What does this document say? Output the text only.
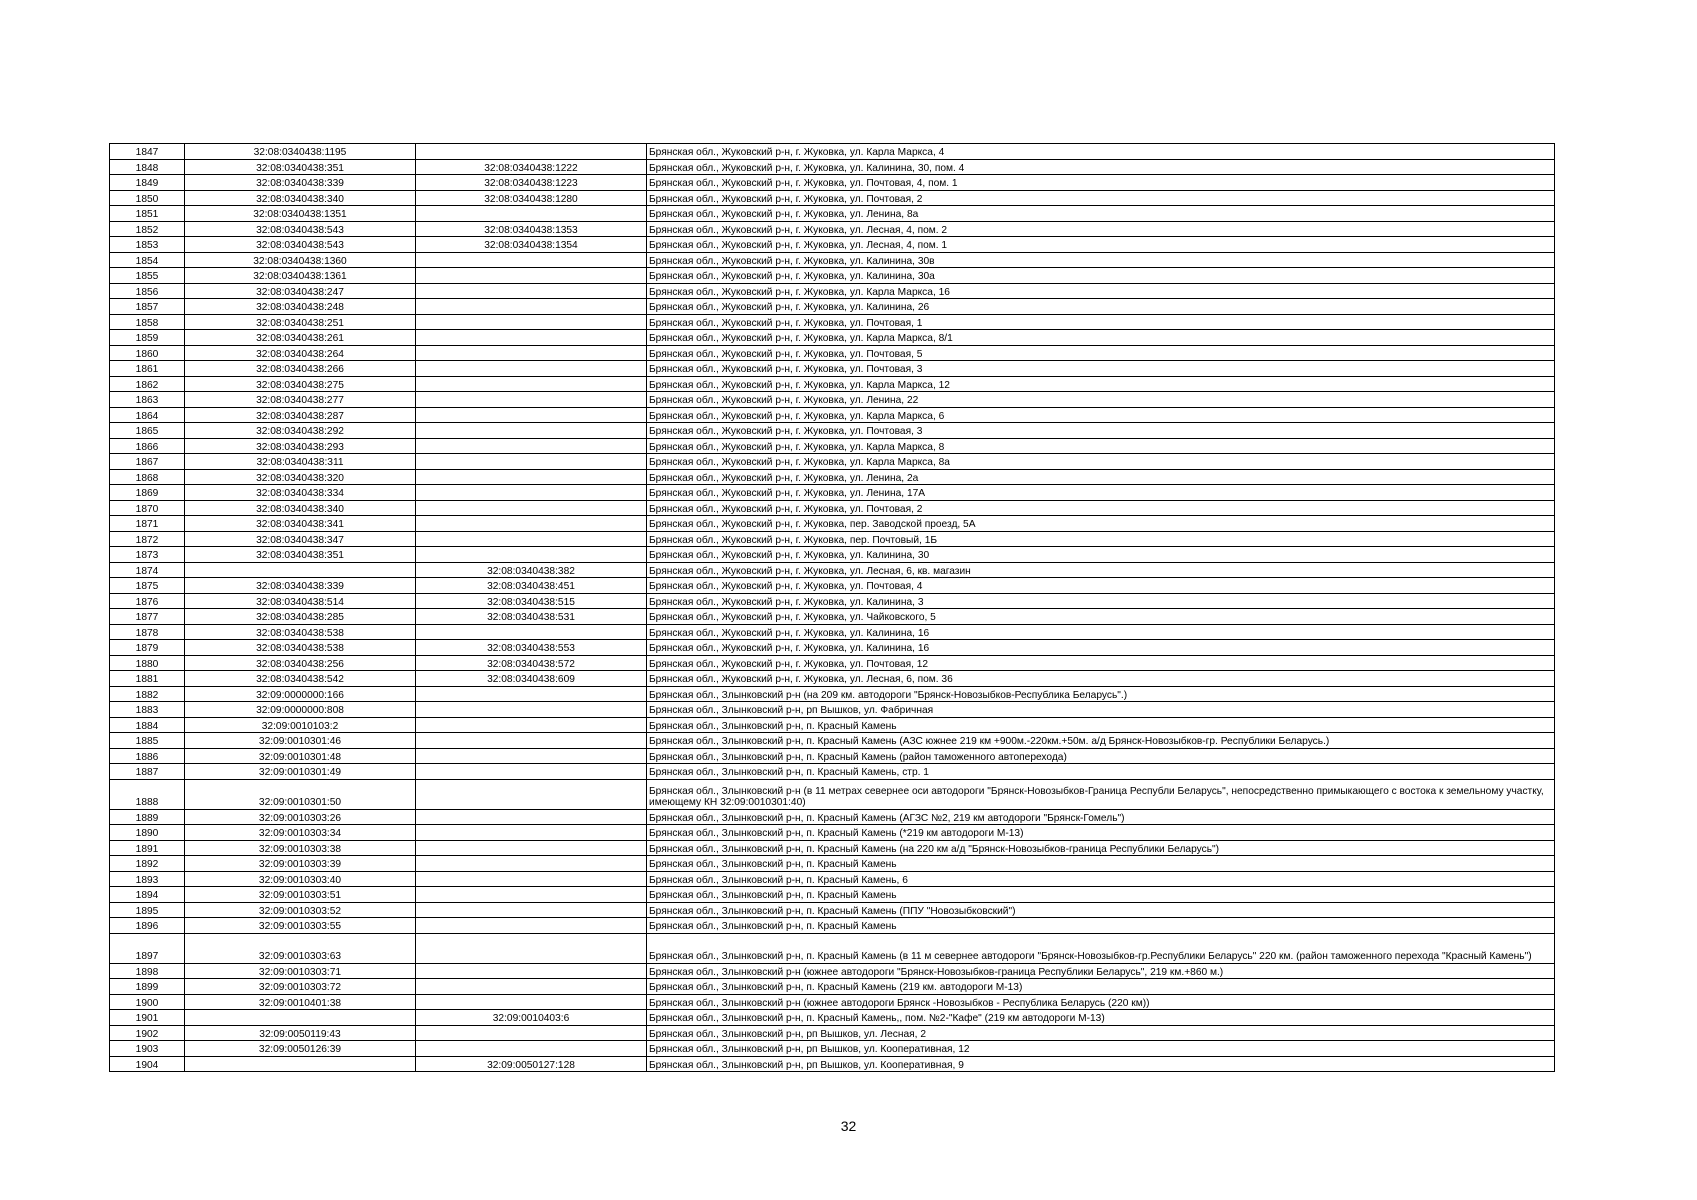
1847	32:08:0340438:1195		Брянская обл., Жуковский р-н, г. Жуковка, ул. Карла Маркса, 4
1848	32:08:0340438:351	32:08:0340438:1222	Брянская обл., Жуковский р-н, г. Жуковка, ул. Калинина, 30, пом. 4
1849	32:08:0340438:339	32:08:0340438:1223	Брянская обл., Жуковский р-н, г. Жуковка, ул. Почтовая, 4, пом. 1
1850	32:08:0340438:340	32:08:0340438:1280	Брянская обл., Жуковский р-н, г. Жуковка, ул. Почтовая, 2
1851	32:08:0340438:1351		Брянская обл., Жуковский р-н, г. Жуковка, ул. Ленина, 8а
1852	32:08:0340438:543	32:08:0340438:1353	Брянская обл., Жуковский р-н, г. Жуковка, ул. Лесная, 4, пом. 2
1853	32:08:0340438:543	32:08:0340438:1354	Брянская обл., Жуковский р-н, г. Жуковка, ул. Лесная, 4, пом. 1
1854	32:08:0340438:1360		Брянская обл., Жуковский р-н, г. Жуковка, ул. Калинина, 30в
1855	32:08:0340438:1361		Брянская обл., Жуковский р-н, г. Жуковка, ул. Калинина, 30а
1856	32:08:0340438:247		Брянская обл., Жуковский р-н, г. Жуковка, ул. Карла Маркса, 16
1857	32:08:0340438:248		Брянская обл., Жуковский р-н, г. Жуковка, ул. Калинина, 26
1858	32:08:0340438:251		Брянская обл., Жуковский р-н, г. Жуковка, ул. Почтовая, 1
1859	32:08:0340438:261		Брянская обл., Жуковский р-н, г. Жуковка, ул. Карла Маркса, 8/1
1860	32:08:0340438:264		Брянская обл., Жуковский р-н, г. Жуковка, ул. Почтовая, 5
1861	32:08:0340438:266		Брянская обл., Жуковский р-н, г. Жуковка, ул. Почтовая, 3
1862	32:08:0340438:275		Брянская обл., Жуковский р-н, г. Жуковка, ул. Карла Маркса, 12
1863	32:08:0340438:277		Брянская обл., Жуковский р-н, г. Жуковка, ул. Ленина, 22
1864	32:08:0340438:287		Брянская обл., Жуковский р-н, г. Жуковка, ул. Карла Маркса, 6
1865	32:08:0340438:292		Брянская обл., Жуковский р-н, г. Жуковка, ул. Почтовая, 3
1866	32:08:0340438:293		Брянская обл., Жуковский р-н, г. Жуковка, ул. Карла Маркса, 8
1867	32:08:0340438:311		Брянская обл., Жуковский р-н, г. Жуковка, ул. Карла Маркса, 8а
1868	32:08:0340438:320		Брянская обл., Жуковский р-н, г. Жуковка, ул. Ленина, 2а
1869	32:08:0340438:334		Брянская обл., Жуковский р-н, г. Жуковка, ул. Ленина, 17А
1870	32:08:0340438:340		Брянская обл., Жуковский р-н, г. Жуковка, ул. Почтовая, 2
1871	32:08:0340438:341		Брянская обл., Жуковский р-н, г. Жуковка, пер. Заводской проезд, 5А
1872	32:08:0340438:347		Брянская обл., Жуковский р-н, г. Жуковка, пер. Почтовый, 1Б
1873	32:08:0340438:351		Брянская обл., Жуковский р-н, г. Жуковка, ул. Калинина, 30
1874		32:08:0340438:382	Брянская обл., Жуковский р-н, г. Жуковка, ул. Лесная, 6, кв. магазин
1875	32:08:0340438:339	32:08:0340438:451	Брянская обл., Жуковский р-н, г. Жуковка, ул. Почтовая, 4
1876	32:08:0340438:514	32:08:0340438:515	Брянская обл., Жуковский р-н, г. Жуковка, ул. Калинина, 3
1877	32:08:0340438:285	32:08:0340438:531	Брянская обл., Жуковский р-н, г. Жуковка, ул. Чайковского, 5
1878	32:08:0340438:538		Брянская обл., Жуковский р-н, г. Жуковка, ул. Калинина, 16
1879	32:08:0340438:538	32:08:0340438:553	Брянская обл., Жуковский р-н, г. Жуковка, ул. Калинина, 16
1880	32:08:0340438:256	32:08:0340438:572	Брянская обл., Жуковский р-н, г. Жуковка, ул. Почтовая, 12
1881	32:08:0340438:542	32:08:0340438:609	Брянская обл., Жуковский р-н, г. Жуковка, ул. Лесная, 6, пом. 36
1882	32:09:0000000:166		Брянская обл., Злынковский р-н (на 209 км. автодороги "Брянск-Новозыбков-Республика Беларусь".)
1883	32:09:0000000:808		Брянская обл., Злынковский р-н, рп Вышков, ул. Фабричная
1884	32:09:0010103:2		Брянская обл., Злынковский р-н, п. Красный Камень
1885	32:09:0010301:46		Брянская обл., Злынковский р-н, п. Красный Камень (АЗС южнее 219 км +900м.-220км.+50м. а/д Брянск-Новозыбков-гр. Республики Беларусь.)
1886	32:09:0010301:48		Брянская обл., Злынковский р-н, п. Красный Камень (район таможенного автоперехода)
1887	32:09:0010301:49		Брянская обл., Злынковский р-н, п. Красный Камень, стр. 1
1888	32:09:0010301:50		Брянская обл., Злынковский р-н (в 11 метрах севернее оси автодороги "Брянск-Новозыбков-Граница Республи Беларусь", непосредственно примыкающего с востока к земельному участку, имеющему КН 32:09:0010301:40)
1889	32:09:0010303:26		Брянская обл., Злынковский р-н, п. Красный Камень (АГЗС №2, 219 км автодороги "Брянск-Гомель")
1890	32:09:0010303:34		Брянская обл., Злынковский р-н, п. Красный Камень (*219 км автодороги М-13)
1891	32:09:0010303:38		Брянская обл., Злынковский р-н, п. Красный Камень (на 220 км а/д "Брянск-Новозыбков-граница Республики Беларусь")
1892	32:09:0010303:39		Брянская обл., Злынковский р-н, п. Красный Камень
1893	32:09:0010303:40		Брянская обл., Злынковский р-н, п. Красный Камень, 6
1894	32:09:0010303:51		Брянская обл., Злынковский р-н, п. Красный Камень
1895	32:09:0010303:52		Брянская обл., Злынковский р-н, п. Красный Камень (ППУ "Новозыбковский")
1896	32:09:0010303:55		Брянская обл., Злынковский р-н, п. Красный Камень
1897	32:09:0010303:63		Брянская обл., Злынковский р-н, п. Красный Камень (в 11 м севернее автодороги "Брянск-Новозыбков-гр.Республики Беларусь" 220 км. (район таможенного перехода "Красный Камень")
1898	32:09:0010303:71		Брянская обл., Злынковский р-н (южнее автодороги "Брянск-Новозыбков-граница Республики Беларусь", 219 км.+860 м.)
1899	32:09:0010303:72		Брянская обл., Злынковский р-н, п. Красный Камень (219 км. автодороги М-13)
1900	32:09:0010401:38		Брянская обл., Злынковский р-н (южнее автодороги Брянск -Новозыбков - Республика Беларусь (220 км))
1901		32:09:0010403:6	Брянская обл., Злынковский р-н, п. Красный Камень,, пом. №2-"Кафе" (219 км автодороги М-13)
1902	32:09:0050119:43		Брянская обл., Злынковский р-н, рп Вышков, ул. Лесная, 2
1903	32:09:0050126:39		Брянская обл., Злынковский р-н, рп Вышков, ул. Кооперативная, 12
1904		32:09:0050127:128	Брянская обл., Злынковский р-н, рп Вышков, ул. Кооперативная, 9
32
